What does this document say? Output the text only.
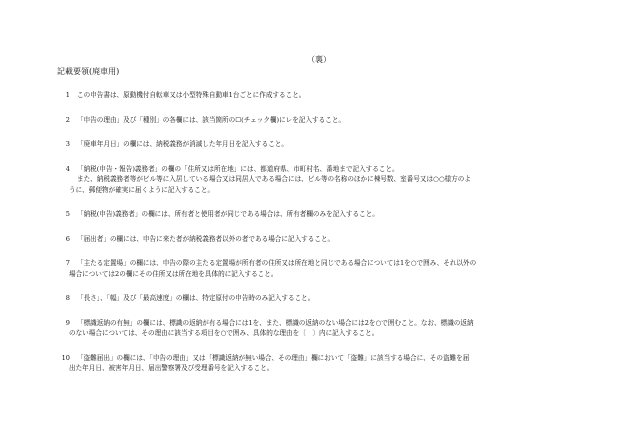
（裏）
記載要領(廃車用)
1	この申告書は、原動機付自転車又は小型特殊自動車1台ごとに作成すること。
2	「申告の理由」及び「種別」の各欄には、該当箇所の☐(チェック欄)にレを記入すること。
3	「廃車年月日」の欄には、納税義務が消滅した年月日を記入すること。
4	「納税(申告・報告)義務者」の欄の「住所又は所在地」には、都道府県、市町村名、番地まで記入すること。
また、納税義務者等がビル等に入居している場合又は同居人である場合には、ビル等の名称のほかに棟号数、室番号又は○○様方のよ
うに、郵便物が確実に届くように記入すること。
5	「納税(申告)義務者」の欄には、所有者と使用者が同じである場合は、所有者欄のみを記入すること。
6	「届出者」の欄には、申告に来た者が納税義務者以外の者である場合に記入すること。
7	「主たる定置場」の欄には、申告の際の主たる定置場が所有者の住所又は所在地と同じである場合については1を○で囲み、それ以外の
場合については2の欄にその住所又は所在地を具体的に記入すること。
8	「長さ」、「幅」及び「最高速度」の欄は、特定原付の申告時のみ記入すること。
9	「標識返納の有無」の欄には、標識の返納が有る場合には1を、また、標識の返納のない場合には2を○で囲むこと。なお、標識の返納
のない場合については、その理由に該当する項目を○で囲み、具体的な理由を〔　〕内に記入すること。
10	「盗難届出」の欄には、「申告の理由」又は「標識返納が無い場合、その理由」欄において「盗難」に該当する場合に、その盗難を届
出た年月日、被害年月日、届出警察署及び受理番号を記入すること。
